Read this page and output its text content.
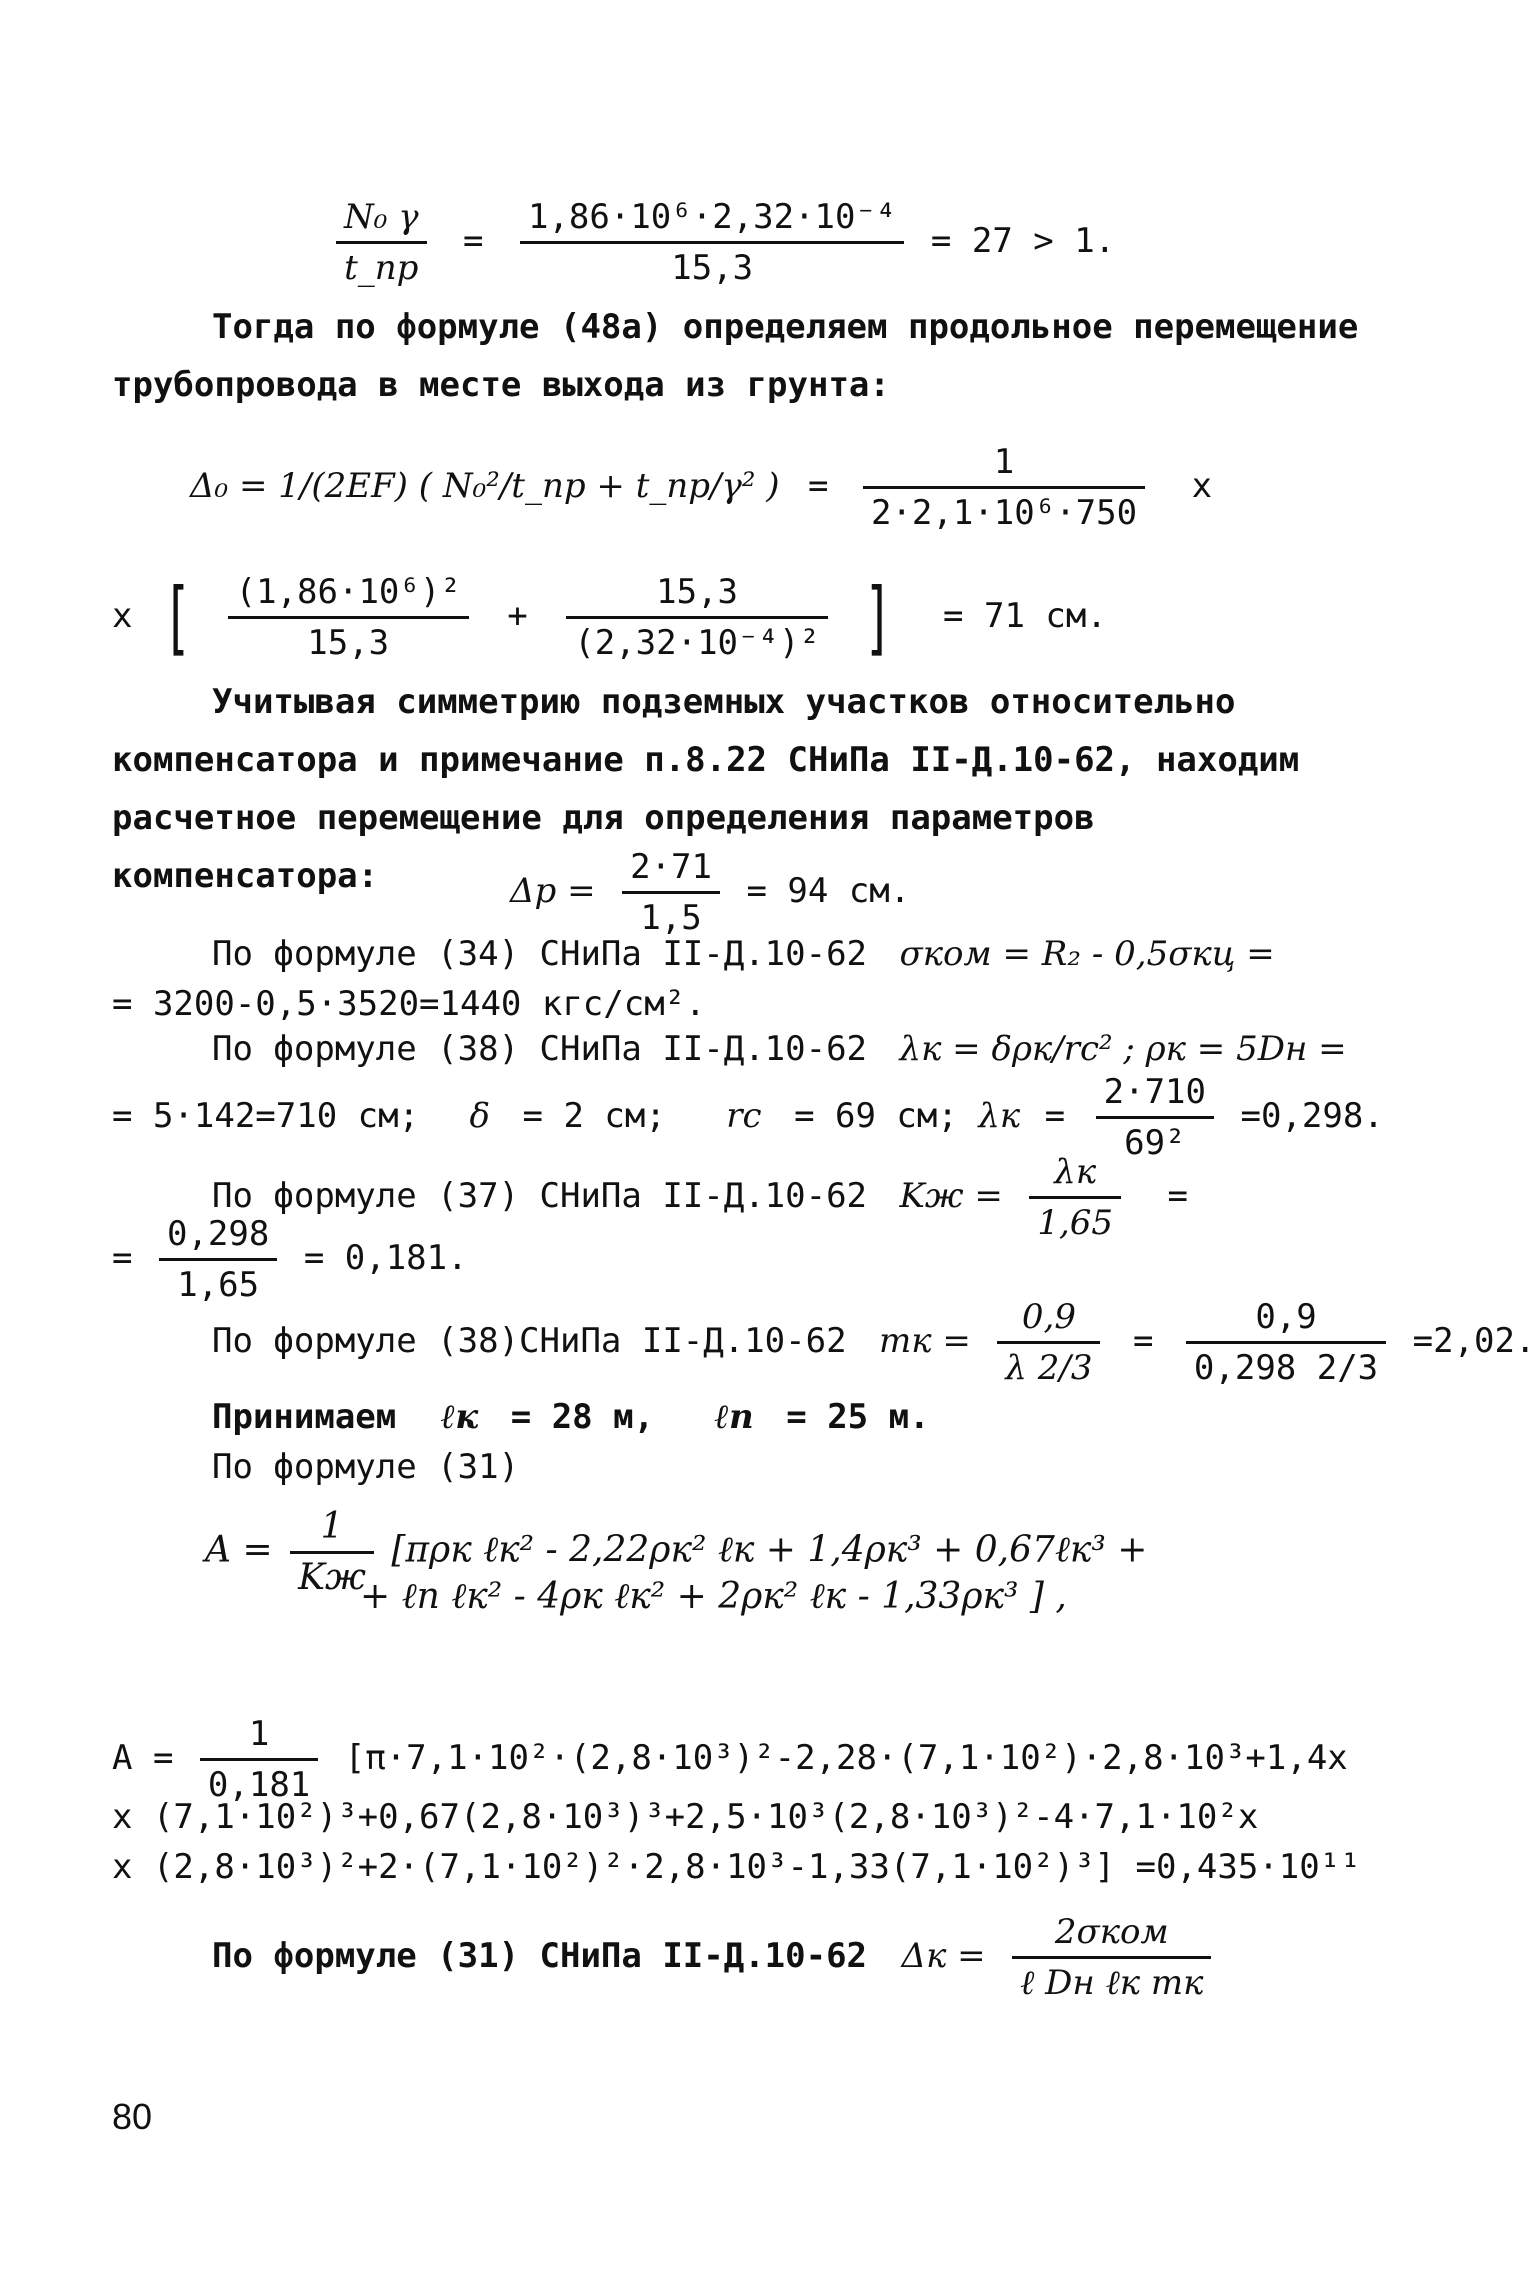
$\frac{\text{N₀ γ}}{t\_пр} = \frac{\text{1,86·10⁶·2,32·10⁻⁴}}{15,3} = 27 > 1$.
Тогда по формуле (48а) определяем продольное перемещение трубопровода в месте выхода из грунта:
Δ₀ = 1/(2EF) ( N₀²/t_пр + t_пр/γ² ) = $\frac{1}{\text{2·2,1·10⁶·750}}$ x
x [ $\frac{\text{(1,86·10⁶)²}}{15,3} + \frac{15,3}{\text{(2,32·10⁻⁴)²}}$ ] = 71 см.
Учитывая симметрию подземных участков относительно компенсатора и примечание п.8.22 СНиПа II-Д.10-62, находим расчетное перемещение для определения параметров компенсатора:	$\Delta p = \frac{2\cdot 71}{1,5} = 94$ см.
По формуле (34) СНиПа II-Д.10-62 σком = R₂ - 0,5σкц =
= 3200-0,5·3520=1440 кгс/см².
По формуле (38) СНиПа II-Д.10-62 λк = δρк/rс² ; ρк = 5Dн =
= 5·142=710 см; δ = 2 см; rс = 69 см; $\lambda к = \frac{2\cdot 710}{\text{69²}} =0,298$.
По формуле (37) СНиПа II-Д.10-62 Kж = $\frac{\lambda к}{1,65}$ =
= $\frac{0,298}{1,65} = 0,181$.
По формуле (38)СНиПа II-Д.10-62 mк = $\frac{0,9}{\lambda 2/3} = \frac{0,9}{0,298 2/3} =2,02$.
Принимаем ℓк = 28 м, ℓп = 25 м.
По формуле (31)
$A = \frac{1}{Kж} [\pi\rho к$ ℓк² - 2,22ρк² ℓк + 1,4ρк³ + 0,67ℓк³ +
+ ℓп ℓк² - 4ρк ℓк² + 2ρк² ℓк - 1,33ρк³ ] ,
$A = \frac{1}{0,181} [\pi\cdot 7,1\cdot 10^2\cdot(2,8\cdot 10^3)^2-2,28\cdot(7,1\cdot 10^2)\cdot 2,8\cdot 10^3+1,4x$
x (7,1·10²)³+0,67(2,8·10³)³+2,5·10³(2,8·10³)²-4·7,1·10²x
x (2,8·10³)²+2·(7,1·10²)²·2,8·10³-1,33(7,1·10²)³] =0,435·10¹¹
По формуле (31) СНиПа II-Д.10-62 $\Delta к = \frac{\text{2σком}}{\text{ℓ Dн ℓк mк}}$
80
